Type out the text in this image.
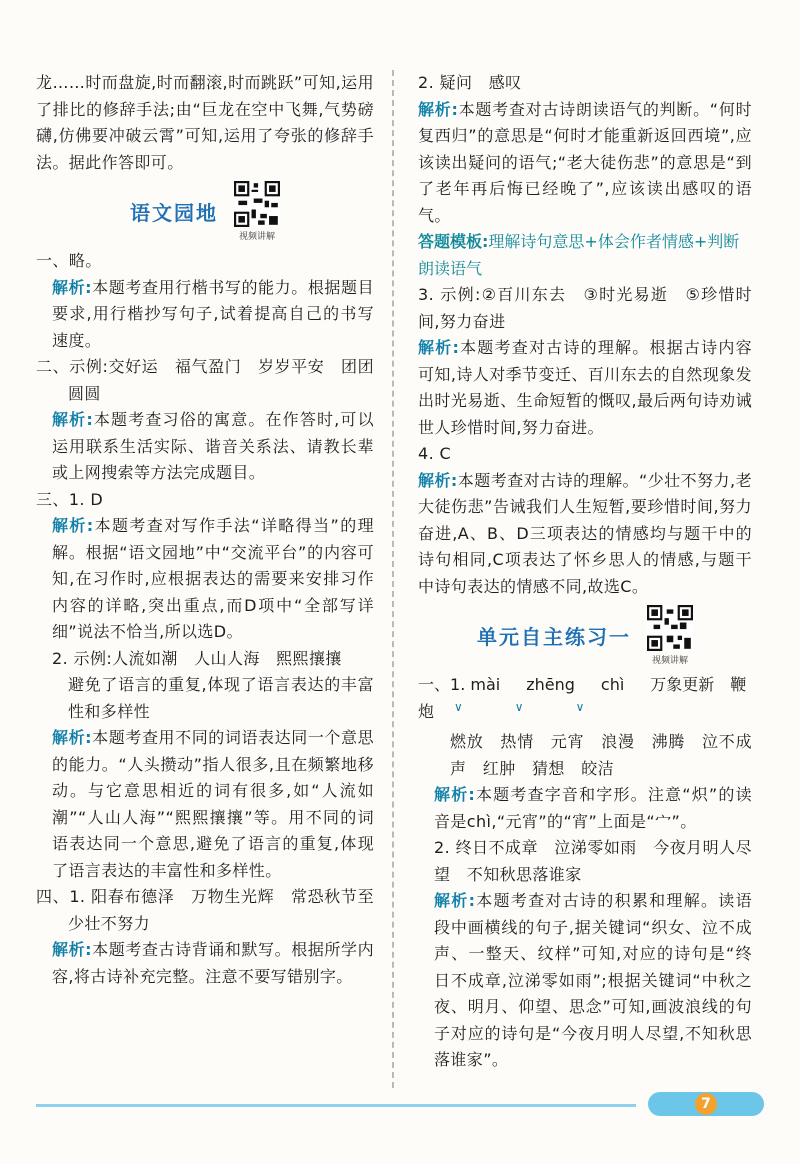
龙……时而盘旋,时而翻滚,时而跳跃”可知,运用了排比的修辞手法;由“巨龙在空中飞舞,气势磅礴,仿佛要冲破云霄”可知,运用了夸张的修辞手法。据此作答即可。

语文园地
视频讲解

一、略。

解析:本题考查用行楷书写的能力。根据题目要求,用行楷抄写句子,试着提高自己的书写速度。

二、示例:交好运　福气盈门　岁岁平安　团团圆圆

解析:本题考查习俗的寓意。在作答时,可以运用联系生活实际、谐音关系法、请教长辈或上网搜索等方法完成题目。

三、1. D

解析:本题考查对写作手法“详略得当”的理解。根据“语文园地”中“交流平台”的内容可知,在习作时,应根据表达的需要来安排习作内容的详略,突出重点,而D项中“全部写详细”说法不恰当,所以选D。

2. 示例:人流如潮　人山人海　熙熙攘攘

避免了语言的重复,体现了语言表达的丰富性和多样性

解析:本题考查用不同的词语表达同一个意思的能力。“人头攒动”指人很多,且在频繁地移动。与它意思相近的词有很多,如“人流如潮”“人山人海”“熙熙攘攘”等。用不同的词语表达同一个意思,避免了语言的重复,体现了语言表达的丰富性和多样性。

四、1. 阳春布德泽　万物生光辉　常恐秋节至　少壮不努力

解析:本题考查古诗背诵和默写。根据所学内容,将古诗补充完整。注意不要写错别字。

2. 疑问　感叹

解析:本题考查对古诗朗读语气的判断。“何时复西归”的意思是“何时才能重新返回西境”,应该读出疑问的语气;“老大徒伤悲”的意思是“到了老年再后悔已经晚了”,应该读出感叹的语气。

答题模板:理解诗句意思+体会作者情感+判断朗读语气

3. 示例:②百川东去　③时光易逝　⑤珍惜时间,努力奋进

解析:本题考查对古诗的理解。根据古诗内容可知,诗人对季节变迁、百川东去的自然现象发出时光易逝、生命短暂的慨叹,最后两句诗劝诫世人珍惜时间,努力奋进。

4. C

解析:本题考查对古诗的理解。“少壮不努力,老大徒伤悲”告诫我们人生短暂,要珍惜时间,努力奋进,A、B、D三项表达的情感均与题干中的诗句相同,C项表达了怀乡思人的情感,与题干中诗句表达的情感不同,故选C。

单元自主练习一
视频讲解
一、1. mài zhēng chì 万象更新　鞭炮 ∨∨∨

燃放　热情　元宵　浪漫　沸腾　泣不成声　红肿　猜想　皎洁

解析:本题考查字音和字形。注意“炽”的读音是chì,“元宵”的“宵”上面是“宀”。

2. 终日不成章　泣涕零如雨　今夜月明人尽望　不知秋思落谁家

解析:本题考查对古诗的积累和理解。读语段中画横线的句子,据关键词“织女、泣不成声、一整天、纹样”可知,对应的诗句是“终日不成章,泣涕零如雨”;根据关键词“中秋之夜、明月、仰望、思念”可知,画波浪线的句子对应的诗句是“今夜月明人尽望,不知秋思落谁家”。

7
